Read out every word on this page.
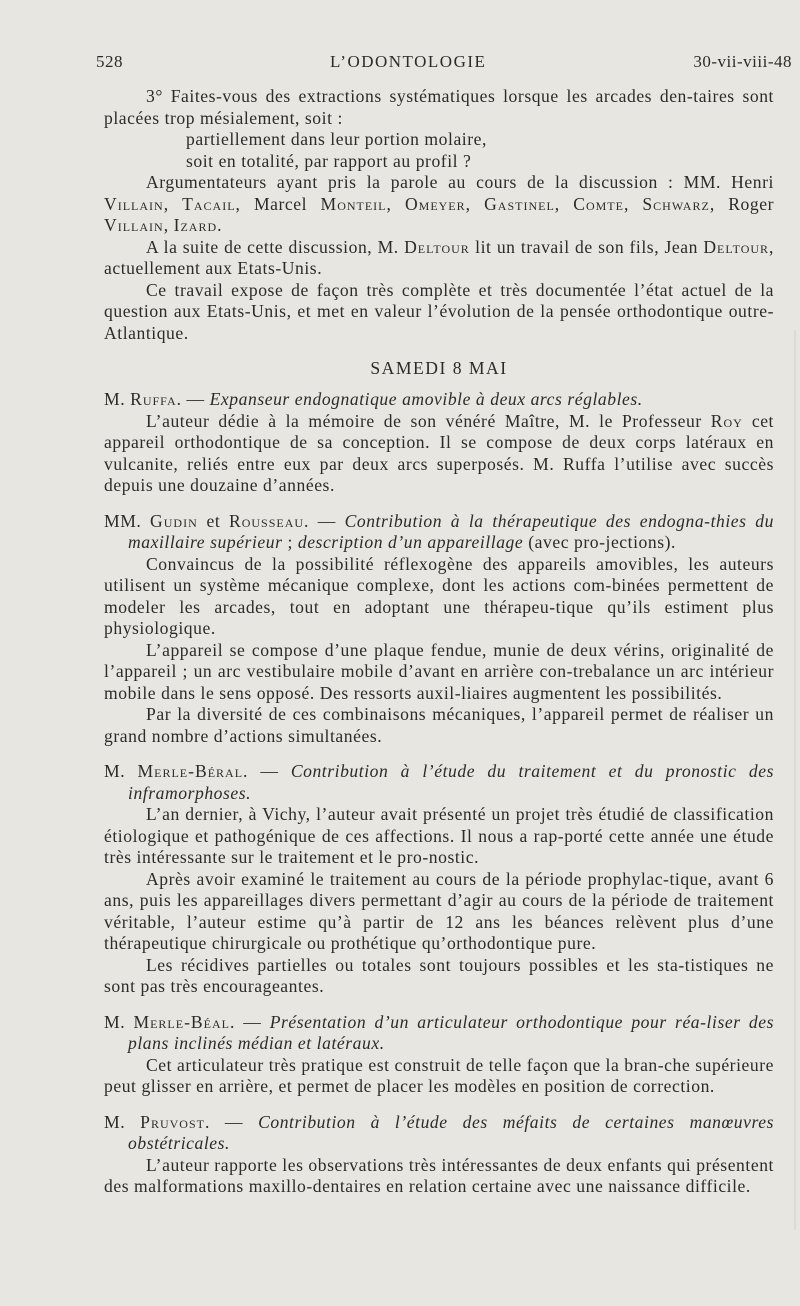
528	L’ODONTOLOGIE	30-vii-viii-48

3° Faites-vous des extractions systématiques lorsque les arcades den-taires sont placées trop mésialement, soit :

partiellement dans leur portion molaire,

soit en totalité, par rapport au profil ?

Argumentateurs ayant pris la parole au cours de la discussion : MM. Henri Villain, Tacail, Marcel Monteil, Omeyer, Gastinel, Comte, Schwarz, Roger Villain, Izard.

A la suite de cette discussion, M. Deltour lit un travail de son fils, Jean Deltour, actuellement aux Etats-Unis.

Ce travail expose de façon très complète et très documentée l’état actuel de la question aux Etats-Unis, et met en valeur l’évolution de la pensée orthodontique outre-Atlantique.

SAMEDI 8 MAI

M. Ruffa. — Expanseur endognatique amovible à deux arcs réglables.

L’auteur dédie à la mémoire de son vénéré Maître, M. le Professeur Roy cet appareil orthodontique de sa conception. Il se compose de deux corps latéraux en vulcanite, reliés entre eux par deux arcs superposés. M. Ruffa l’utilise avec succès depuis une douzaine d’années.

MM. Gudin et Rousseau. — Contribution à la thérapeutique des endogna-thies du maxillaire supérieur ; description d’un appareillage (avec pro-jections).

Convaincus de la possibilité réflexogène des appareils amovibles, les auteurs utilisent un système mécanique complexe, dont les actions com-binées permettent de modeler les arcades, tout en adoptant une thérapeu-tique qu’ils estiment plus physiologique.

L’appareil se compose d’une plaque fendue, munie de deux vérins, originalité de l’appareil ; un arc vestibulaire mobile d’avant en arrière con-trebalance un arc intérieur mobile dans le sens opposé. Des ressorts auxil-liaires augmentent les possibilités.

Par la diversité de ces combinaisons mécaniques, l’appareil permet de réaliser un grand nombre d’actions simultanées.

M. Merle-Béral. — Contribution à l’étude du traitement et du pronostic des inframorphoses.

L’an dernier, à Vichy, l’auteur avait présenté un projet très étudié de classification étiologique et pathogénique de ces affections. Il nous a rap-porté cette année une étude très intéressante sur le traitement et le pro-nostic.

Après avoir examiné le traitement au cours de la période prophylac-tique, avant 6 ans, puis les appareillages divers permettant d’agir au cours de la période de traitement véritable, l’auteur estime qu’à partir de 12 ans les béances relèvent plus d’une thérapeutique chirurgicale ou prothétique qu’orthodontique pure.

Les récidives partielles ou totales sont toujours possibles et les sta-tistiques ne sont pas très encourageantes.

M. Merle-Béal. — Présentation d’un articulateur orthodontique pour réa-liser des plans inclinés médian et latéraux.

Cet articulateur très pratique est construit de telle façon que la bran-che supérieure peut glisser en arrière, et permet de placer les modèles en position de correction.

M. Pruvost. — Contribution à l’étude des méfaits de certaines manœuvres obstétricales.

L’auteur rapporte les observations très intéressantes de deux enfants qui présentent des malformations maxillo-dentaires en relation certaine avec une naissance difficile.
